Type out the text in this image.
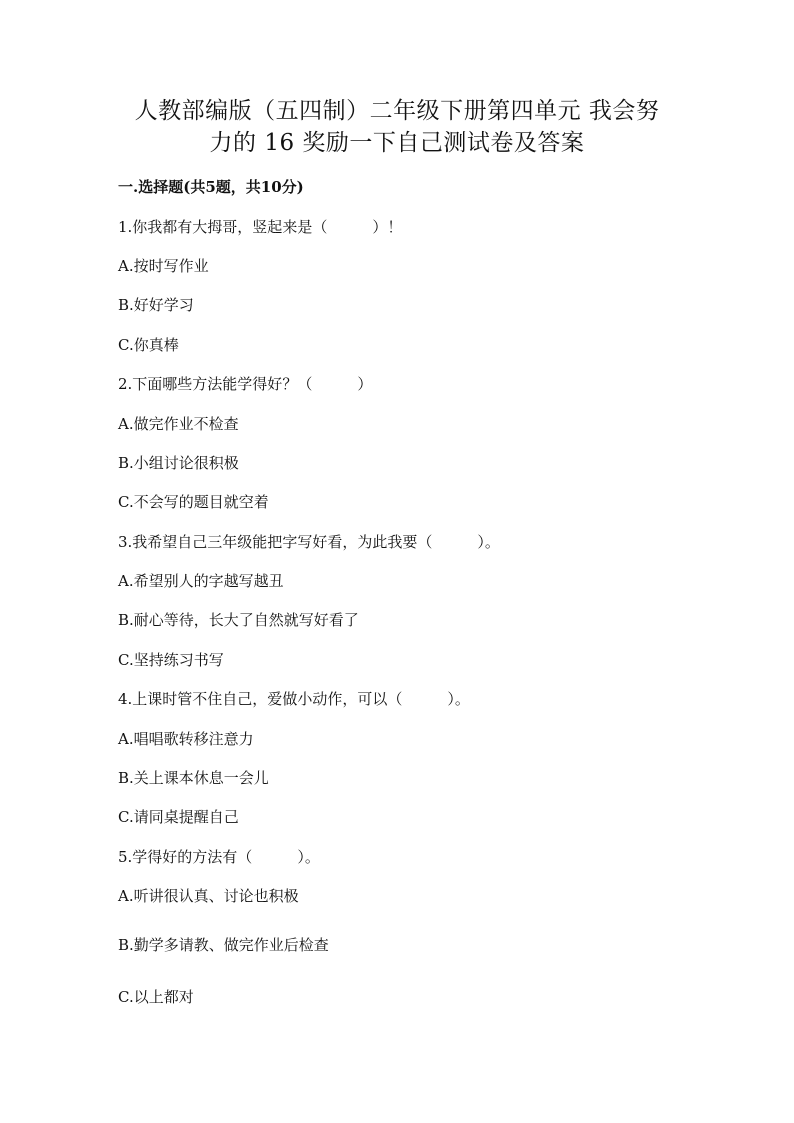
人教部编版（五四制）二年级下册第四单元 我会努
力的 16 奖励一下自己测试卷及答案
一.选择题(共5题，共10分)
1.你我都有大拇哥，竖起来是（　　　）！
A.按时写作业
B.好好学习
C.你真棒
2.下面哪些方法能学得好？（　　　）
A.做完作业不检查
B.小组讨论很积极
C.不会写的题目就空着
3.我希望自己三年级能把字写好看，为此我要（　　　）。
A.希望别人的字越写越丑
B.耐心等待，长大了自然就写好看了
C.坚持练习书写
4.上课时管不住自己，爱做小动作，可以（　　　）。
A.唱唱歌转移注意力
B.关上课本休息一会儿
C.请同桌提醒自己
5.学得好的方法有（　　　）。
A.听讲很认真、讨论也积极
B.勤学多请教、做完作业后检查
C.以上都对
